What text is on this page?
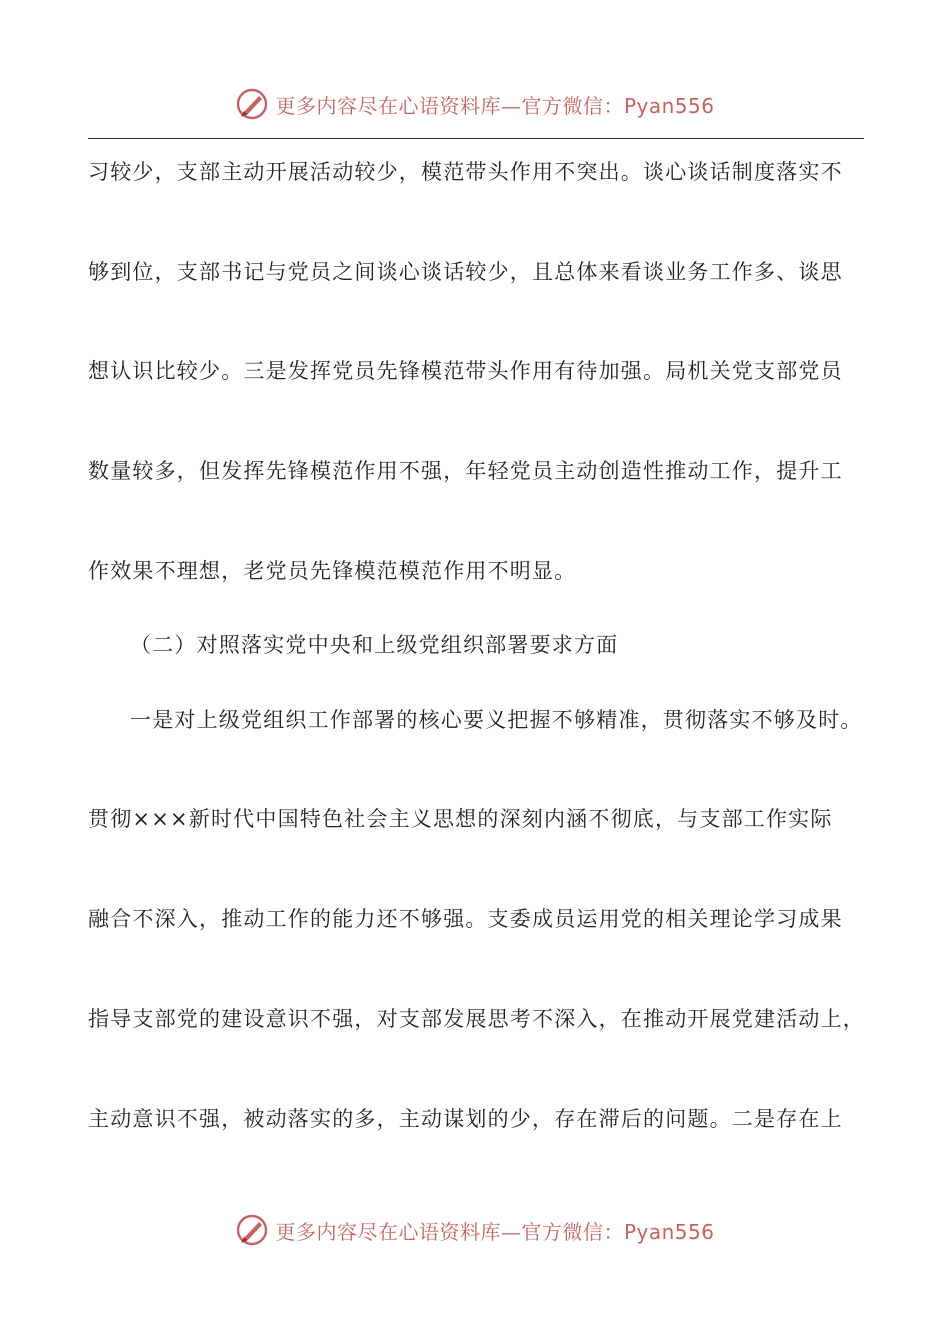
更多内容尽在心语资料库—官方微信：Pyan556
习较少，支部主动开展活动较少，模范带头作用不突出。谈心谈话制度落实不
够到位，支部书记与党员之间谈心谈话较少，且总体来看谈业务工作多、谈思
想认识比较少。三是发挥党员先锋模范带头作用有待加强。局机关党支部党员
数量较多，但发挥先锋模范作用不强，年轻党员主动创造性推动工作，提升工
作效果不理想，老党员先锋模范模范作用不明显。
（二）对照落实党中央和上级党组织部署要求方面
一是对上级党组织工作部署的核心要义把握不够精准，贯彻落实不够及时。
贯彻×××新时代中国特色社会主义思想的深刻内涵不彻底，与支部工作实际
融合不深入，推动工作的能力还不够强。支委成员运用党的相关理论学习成果
指导支部党的建设意识不强，对支部发展思考不深入，在推动开展党建活动上，
主动意识不强，被动落实的多，主动谋划的少，存在滞后的问题。二是存在上
更多内容尽在心语资料库—官方微信：Pyan556
